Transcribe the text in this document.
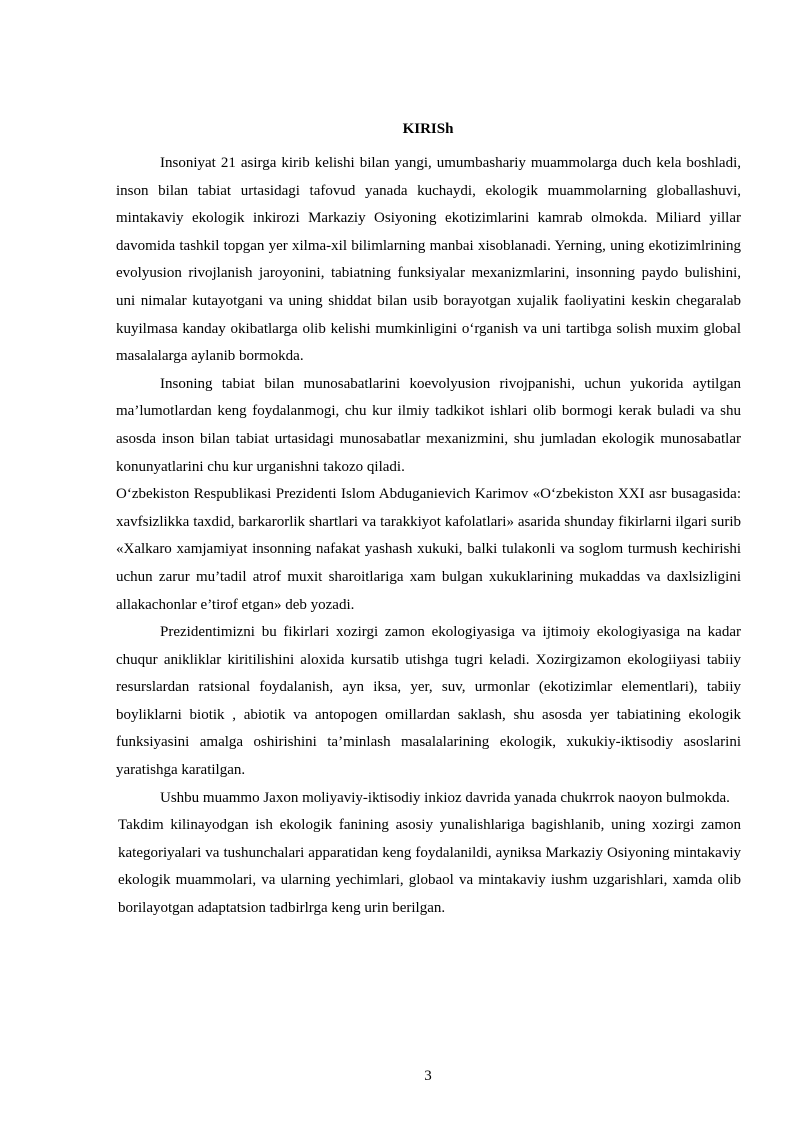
KIRISh

Insoniyat 21 asirga kirib kelishi bilan yangi, umumbashariy muammolarga duch kela boshladi, inson bilan tabiat urtasidagi tafovud yanada kuchaydi, ekologik muammolarning globallashuvi, mintakaviy ekologik inkirozi Markaziy Osiyoning ekotizimlarini kamrab olmokda. Miliard yillar davomida tashkil topgan yer xilma-xil bilimlarning manbai xisoblanadi. Yerning, uning ekotizimlrining evolyusion rivojlanish jaroyonini, tabiatning funksiyalar mexanizmlarini, insonning paydo bulishini, uni nimalar kutayotgani va uning shiddat bilan usib borayotgan xujalik faoliyatini keskin chegaralab kuyilmasa kanday okibatlarga olib kelishi mumkinligini o‘rganish va uni tartibga solish muxim global masalalarga aylanib bormokda.

Insoning tabiat bilan munosabatlarini koevolyusion rivojpanishi, uchun yukorida aytilgan ma’lumotlardan keng foydalanmogi, chu kur ilmiy tadkikot ishlari olib bormogi kerak buladi va shu asosda inson bilan tabiat urtasidagi munosabatlar mexanizmini, shu jumladan ekologik munosabatlar konunyatlarini chu kur urganishni takozo qiladi.

O‘zbekiston Respublikasi Prezidenti Islom Abduganievich Karimov «O‘zbekiston XXI asr busagasida: xavfsizlikka taxdid, barkarorlik shartlari va tarakkiyot kafolatlari» asarida shunday fikirlarni ilgari surib «Xalkaro xamjamiyat insonning nafakat yashash xukuki, balki tulakonli va soglom turmush kechirishi uchun zarur mu’tadil atrof muxit sharoitlariga xam bulgan xukuklarining mukaddas va daxlsizligini allakachonlar e’tirof etgan» deb yozadi.

Prezidentimizni bu fikirlari xozirgi zamon ekologiyasiga va ijtimoiy ekologiyasiga na kadar chuqur anikliklar kiritilishini aloxida kursatib utishga tugri keladi. Xozirgizamon ekologiiyasi tabiiy resurslardan ratsional foydalanish, ayn iksa, yer, suv, urmonlar (ekotizimlar elementlari), tabiiy boyliklarni biotik , abiotik va antopogen omillardan saklash, shu asosda yer tabiatining ekologik funksiyasini amalga oshirishini ta’minlash masalalarining ekologik, xukukiy-iktisodiy asoslarini yaratishga karatilgan.

Ushbu muammo Jaxon moliyaviy-iktisodiy inkioz davrida yanada chukrrok naoyon bulmokda.

Takdim kilinayodgan ish ekologik fanining asosiy yunalishlariga bagishlanib, uning xozirgi zamon kategoriyalari va tushunchalari apparatidan keng foydalanildi, ayniksa Markaziy Osiyoning mintakaviy ekologik muammolari, va ularning yechimlari, globaol va mintakaviy iushm uzgarishlari, xamda olib borilayotgan adaptatsion tadbirlrga keng urin berilgan.

3
